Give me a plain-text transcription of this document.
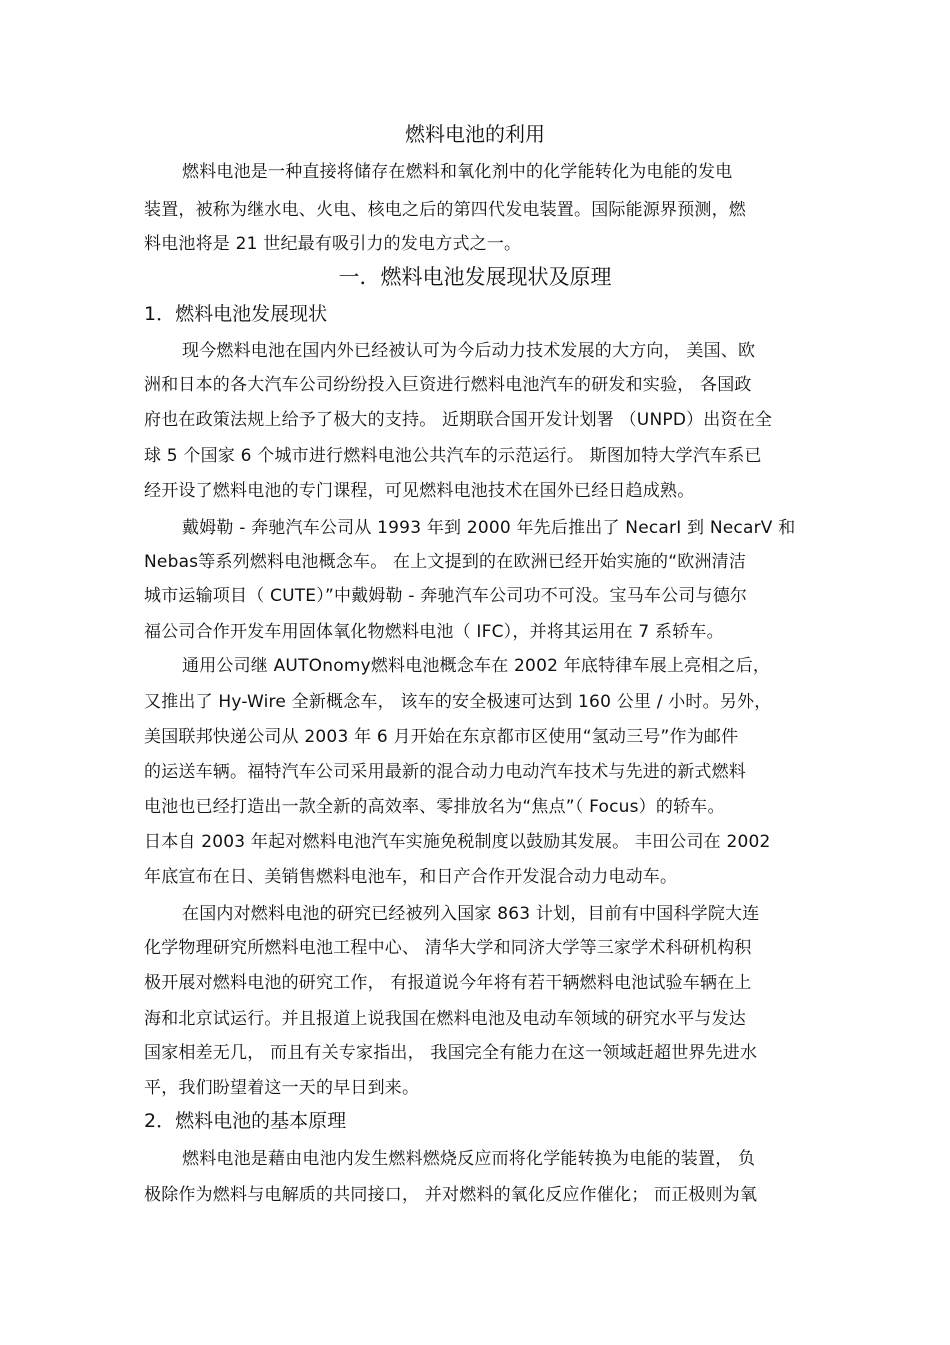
燃料电池的利用
燃料电池是一种直接将储存在燃料和氧化剂中的化学能转化为电能的发电
装置，被称为继水电、火电、核电之后的第四代发电装置。国际能源界预测，燃
料电池将是 21 世纪最有吸引力的发电方式之一。
一．燃料电池发展现状及原理
1．燃料电池发展现状
现今燃料电池在国内外已经被认可为今后动力技术发展的大方向， 美国、欧
洲和日本的各大汽车公司纷纷投入巨资进行燃料电池汽车的研发和实验， 各国政
府也在政策法规上给予了极大的支持。 近期联合国开发计划署 （UNPD）出资在全
球 5 个国家 6 个城市进行燃料电池公共汽车的示范运行。 斯图加特大学汽车系已
经开设了燃料电池的专门课程，可见燃料电池技术在国外已经日趋成熟。
戴姆勒 - 奔驰汽车公司从 1993 年到 2000 年先后推出了 NecarI 到 NecarV 和
Nebas等系列燃料电池概念车。 在上文提到的在欧洲已经开始实施的“欧洲清洁
城市运输项目（ CUTE）”中戴姆勒 - 奔驰汽车公司功不可没。宝马车公司与德尔
福公司合作开发车用固体氧化物燃料电池（ IFC），并将其运用在 7 系轿车。
通用公司继 AUTOnomy燃料电池概念车在 2002 年底特律车展上亮相之后，
又推出了 Hy-Wire 全新概念车， 该车的安全极速可达到 160 公里 / 小时。另外，
美国联邦快递公司从 2003 年 6 月开始在东京都市区使用“氢动三号”作为邮件
的运送车辆。福特汽车公司采用最新的混合动力电动汽车技术与先进的新式燃料
电池也已经打造出一款全新的高效率、零排放名为“焦点”（ Focus）的轿车。
日本自 2003 年起对燃料电池汽车实施免税制度以鼓励其发展。 丰田公司在 2002
年底宣布在日、美销售燃料电池车，和日产合作开发混合动力电动车。
在国内对燃料电池的研究已经被列入国家 863 计划，目前有中国科学院大连
化学物理研究所燃料电池工程中心、 清华大学和同济大学等三家学术科研机构积
极开展对燃料电池的研究工作， 有报道说今年将有若干辆燃料电池试验车辆在上
海和北京试运行。并且报道上说我国在燃料电池及电动车领域的研究水平与发达
国家相差无几， 而且有关专家指出， 我国完全有能力在这一领域赶超世界先进水
平，我们盼望着这一天的早日到来。
2．燃料电池的基本原理
燃料电池是藉由电池内发生燃料燃烧反应而将化学能转换为电能的装置， 负
极除作为燃料与电解质的共同接口， 并对燃料的氧化反应作催化； 而正极则为氧
